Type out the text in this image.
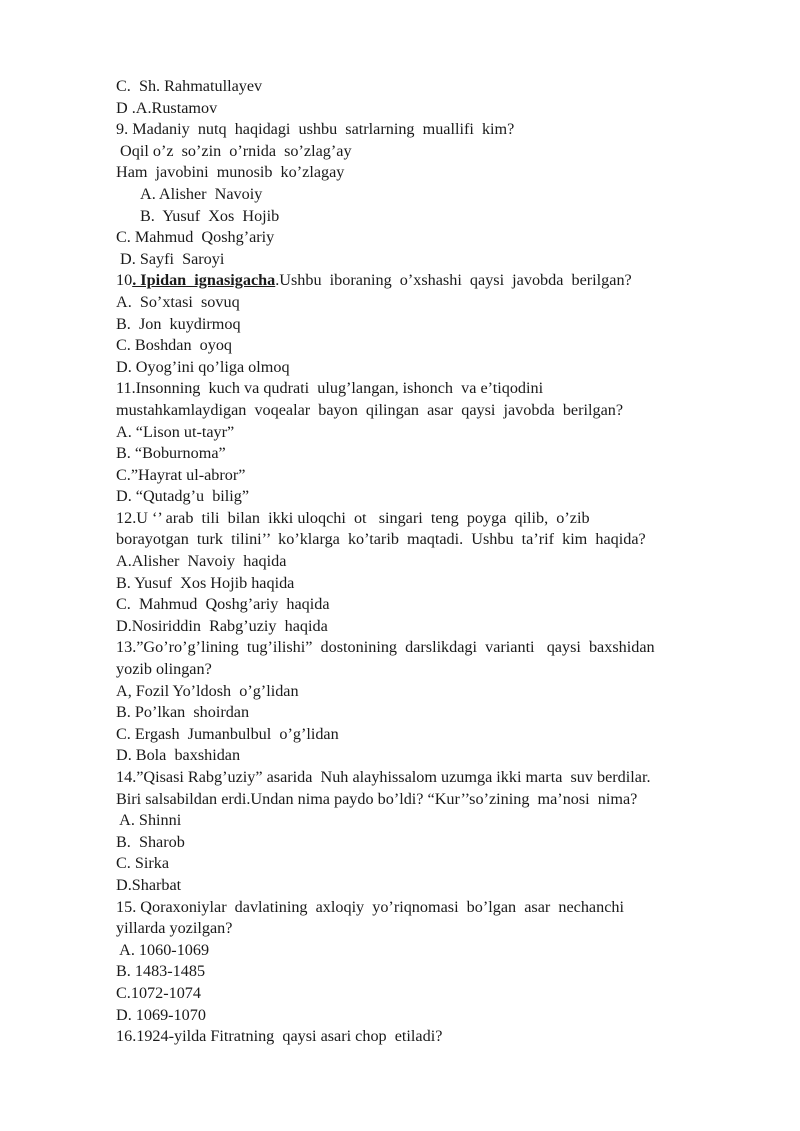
C.  Sh. Rahmatullayev
D .A.Rustamov
9. Madaniy  nutq  haqidagi  ushbu  satrlarning  muallifi  kim?
Oqil o’z  so’zin  o’rnida  so’zlag’ay
Ham  javobini  munosib  ko’zlagay
A. Alisher  Navoiy
B.  Yusuf  Xos  Hojib
C. Mahmud  Qoshg’ariy
D. Sayfi  Saroyi
10. Ipidan  ignasigacha.Ushbu  iboraning  o’xshashi  qaysi  javobda  berilgan?
A.  So’xtasi  sovuq
B.  Jon  kuydirmoq
C. Boshdan  oyoq
D. Oyog’ini qo’liga olmoq
11.Insonning  kuch va qudrati  ulug’langan, ishonch  va e’tiqodini
mustahkamlaydigan  voqealar  bayon  qilingan  asar  qaysi  javobda  berilgan?
A. “Lison ut-tayr”
B. “Boburnoma”
C.”Hayrat ul-abror”
D. “Qutadg’u  bilig”
12.U ‘’ arab  tili  bilan  ikki uloqchi  ot   singari  teng  poyga  qilib,  o’zib
borayotgan  turk  tilini’’  ko’klarga  ko’tarib  maqtadi.  Ushbu  ta’rif  kim  haqida?
A.Alisher  Navoiy  haqida
B. Yusuf  Xos Hojib haqida
C.  Mahmud  Qoshg’ariy  haqida
D.Nosiriddin  Rabg’uziy  haqida
13.”Go’ro’g’lining  tug’ilishi”  dostonining  darslikdagi  varianti   qaysi  baxshidan
yozib olingan?
A, Fozil Yo’ldosh  o’g’lidan
B. Po’lkan  shoirdan
C. Ergash  Jumanbulbul  o’g’lidan
D. Bola  baxshidan
14.”Qisasi Rabg’uziy” asarida  Nuh alayhissalom uzumga ikki marta  suv berdilar.
Biri salsabildan erdi.Undan nima paydo bo’ldi? “Kur’’so’zining  ma’nosi  nima?
A. Shinni
B.  Sharob
C. Sirka
D.Sharbat
15. Qoraxoniylar  davlatining  axloqiy  yo’riqnomasi  bo’lgan  asar  nechanchi
yillarda yozilgan?
A. 1060-1069
B. 1483-1485
C.1072-1074
D. 1069-1070
16.1924-yilda Fitratning  qaysi asari chop  etiladi?
